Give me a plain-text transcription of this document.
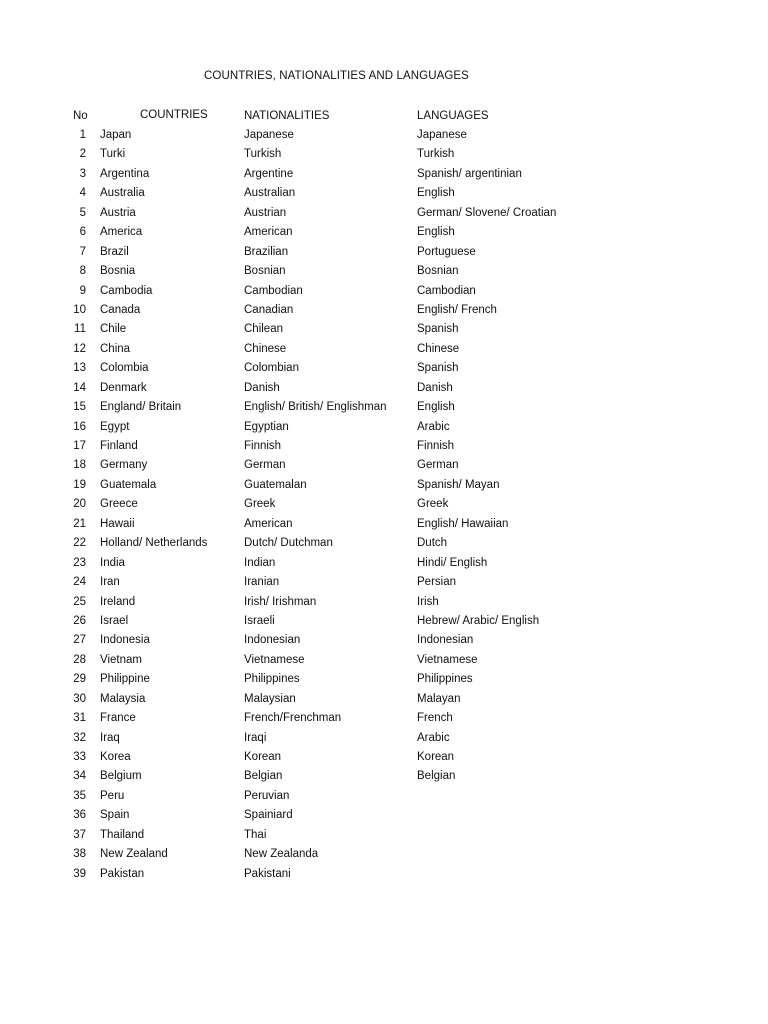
COUNTRIES, NATIONALITIES AND LANGUAGES
No	COUNTRIES	NATIONALITIES	LANGUAGES
1 Japan	Japanese	Japanese
2 Turki	Turkish	Turkish
3 Argentina	Argentine	Spanish/ argentinian
4 Australia	Australian	English
5 Austria	Austrian	German/ Slovene/ Croatian
6 America	American	English
7 Brazil	Brazilian	Portuguese
8 Bosnia	Bosnian	Bosnian
9 Cambodia	Cambodian	Cambodian
10 Canada	Canadian	English/ French
11 Chile	Chilean	Spanish
12 China	Chinese	Chinese
13 Colombia	Colombian	Spanish
14 Denmark	Danish	Danish
15 England/ Britain	English/ British/ Englishman	English
16 Egypt	Egyptian	Arabic
17 Finland	Finnish	Finnish
18 Germany	German	German
19 Guatemala	Guatemalan	Spanish/ Mayan
20 Greece	Greek	Greek
21 Hawaii	American	English/ Hawaiian
22 Holland/ Netherlands	Dutch/ Dutchman	Dutch
23 India	Indian	Hindi/ English
24 Iran	Iranian	Persian
25 Ireland	Irish/ Irishman	Irish
26 Israel	Israeli	Hebrew/ Arabic/ English
27 Indonesia	Indonesian	Indonesian
28 Vietnam	Vietnamese	Vietnamese
29 Philippine	Philippines	Philippines
30 Malaysia	Malaysian	Malayan
31 France	French/Frenchman	French
32 Iraq	Iraqi	Arabic
33 Korea	Korean	Korean
34 Belgium	Belgian	Belgian
35 Peru	Peruvian
36 Spain	Spainiard
37 Thailand	Thai
38 New Zealand	New Zealanda
39 Pakistan	Pakistani
